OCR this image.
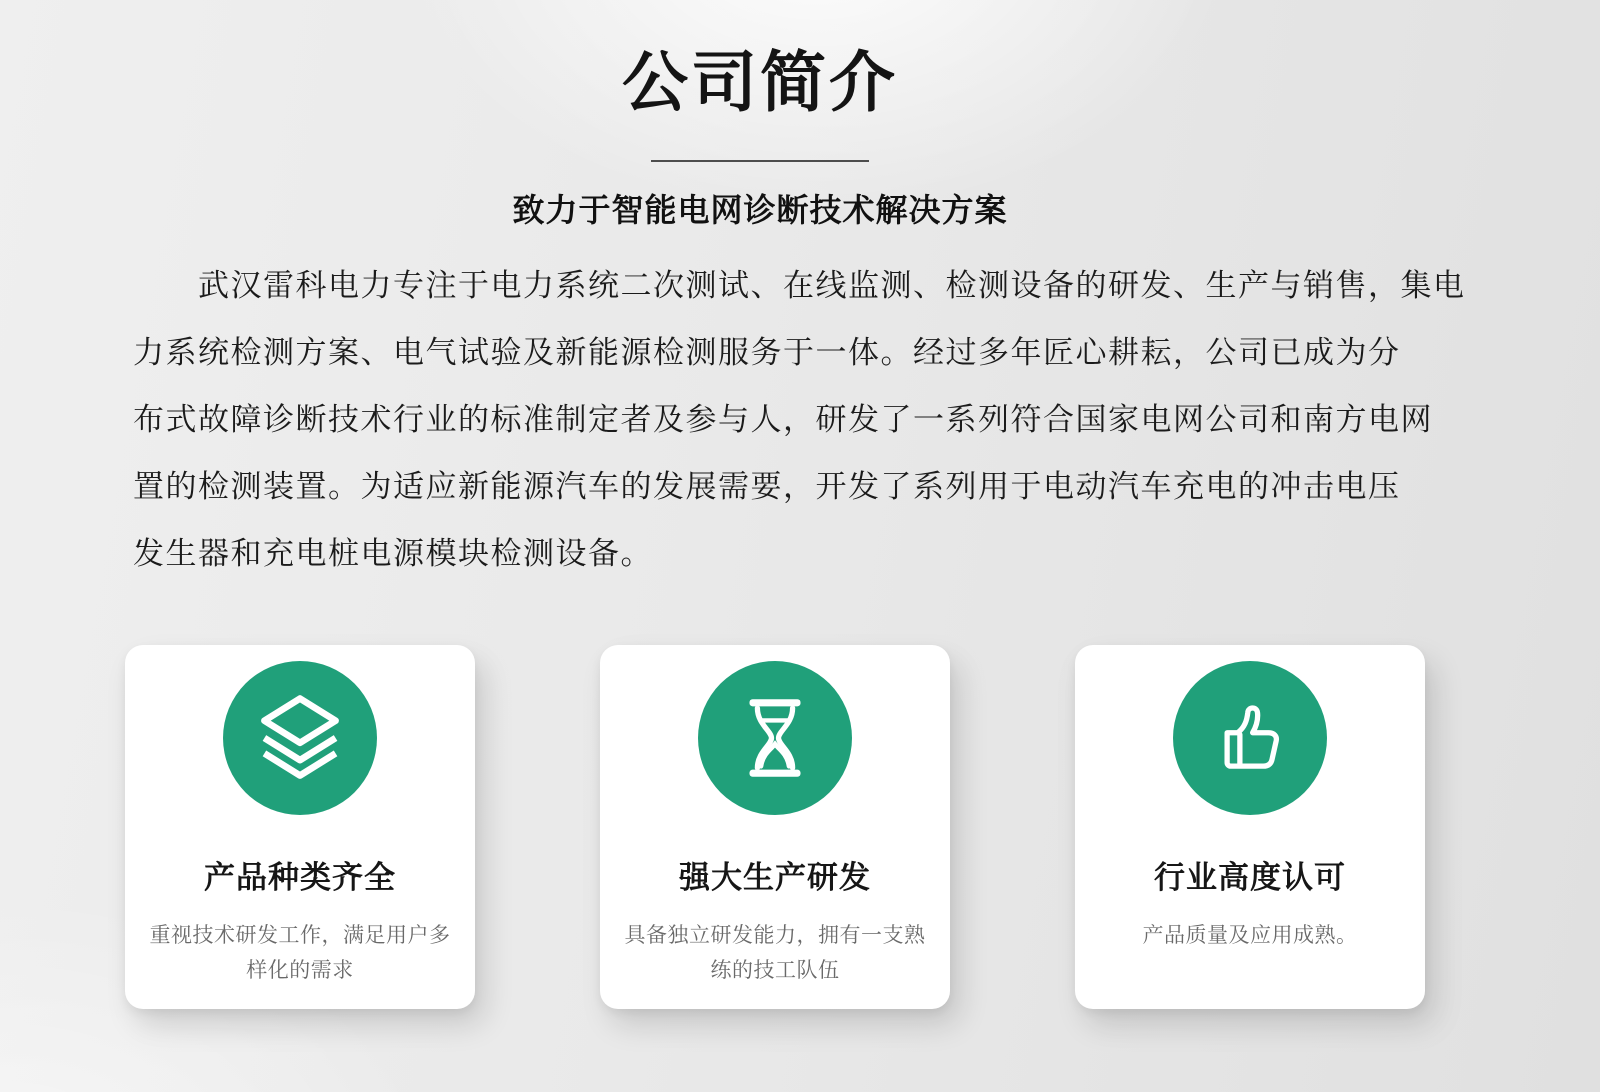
公司简介
致力于智能电网诊断技术解决方案
武汉雷科电力专注于电力系统二次测试、在线监测、检测设备的研发、生产与销售，集电
力系统检测方案、电气试验及新能源检测服务于一体。经过多年匠心耕耘，公司已成为分
布式故障诊断技术行业的标准制定者及参与人，研发了一系列符合国家电网公司和南方电网
置的检测装置。为适应新能源汽车的发展需要，开发了系列用于电动汽车充电的冲击电压
发生器和充电桩电源模块检测设备。
产品种类齐全
重视技术研发工作，满足用户多样化的需求
强大生产研发
具备独立研发能力，拥有一支熟练的技工队伍
行业高度认可
产品质量及应用成熟。
